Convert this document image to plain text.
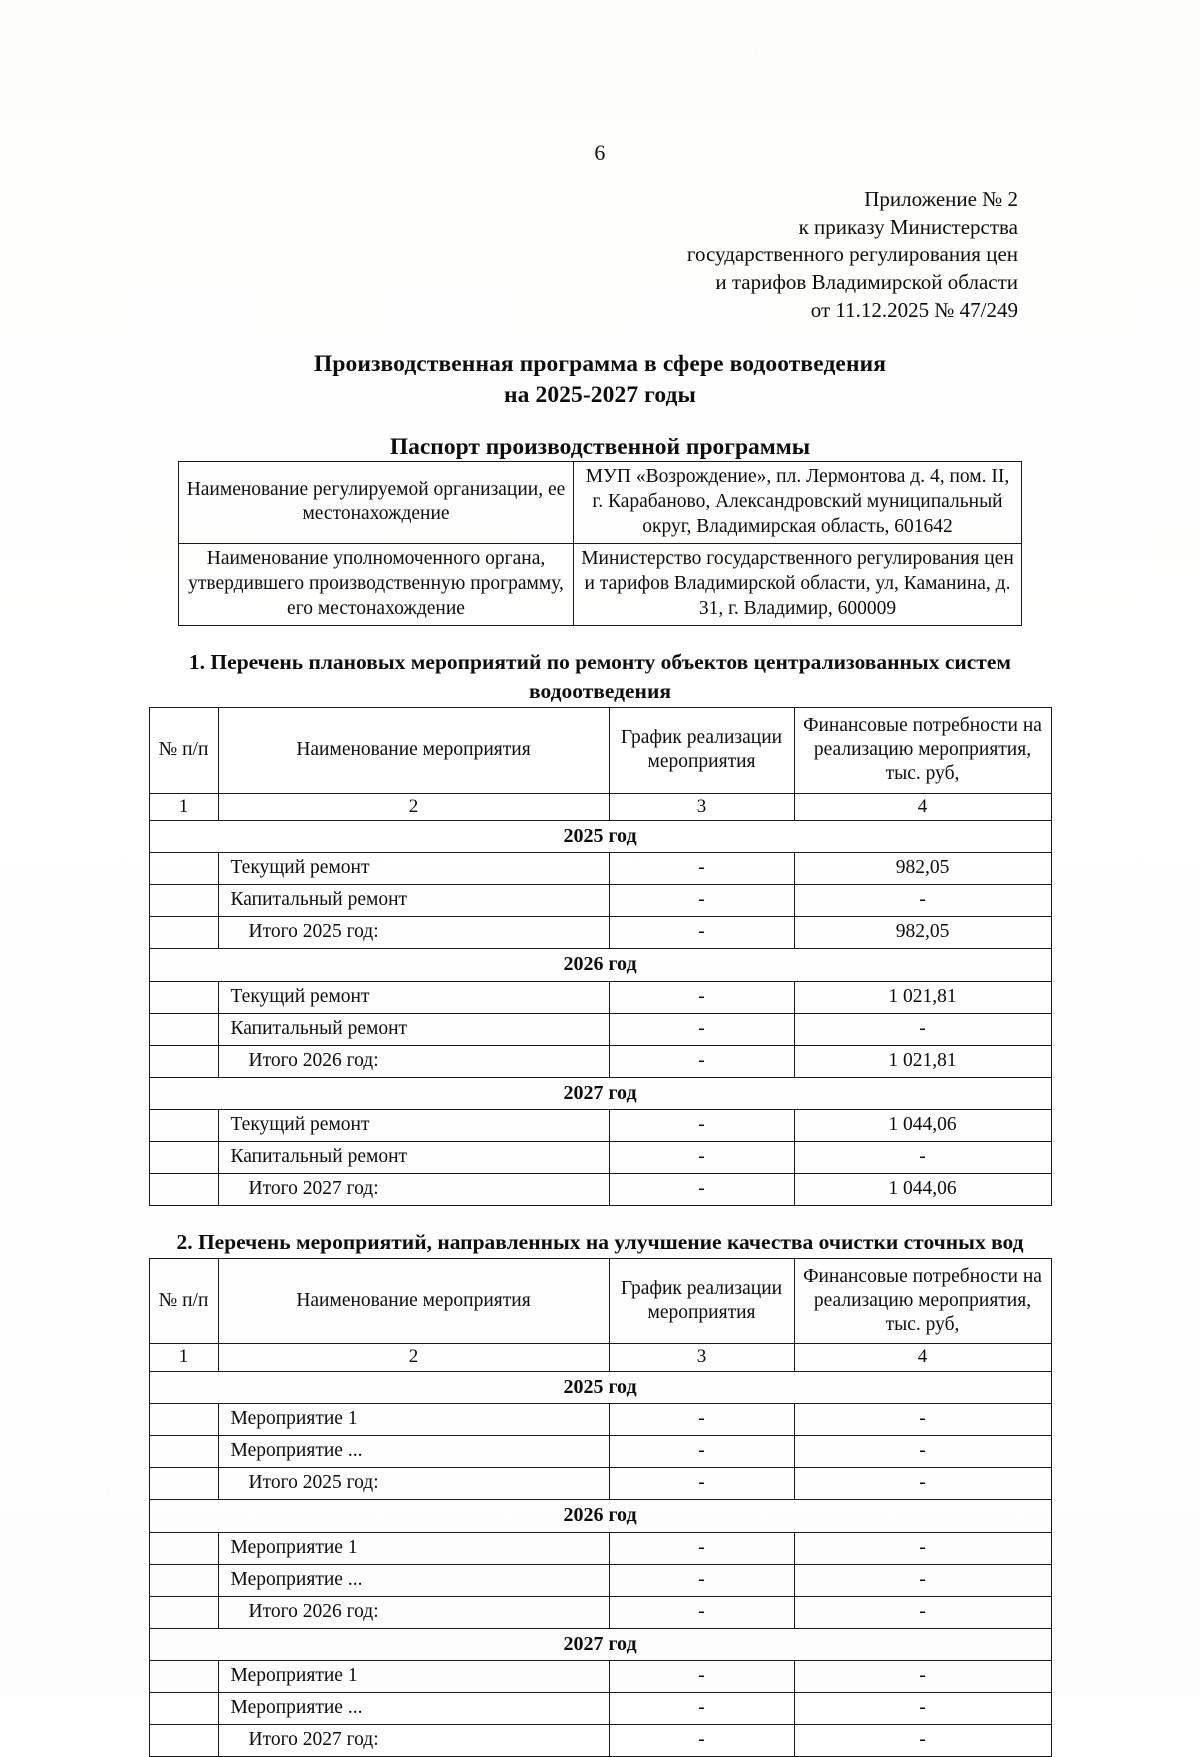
6
Приложение № 2
к приказу Министерства
государственного регулирования цен
и тарифов Владимирской области
от 11.12.2025 № 47/249
Производственная программа в сфере водоотведения
на 2025-2027 годы
Паспорт производственной программы
Наименование регулируемой организации, ее местонахождение	МУП «Возрождение», пл. Лермонтова д. 4, пом. II, г. Карабаново, Александровский муниципальный округ, Владимирская область, 601642
Наименование уполномоченного органа, утвердившего производственную программу, его местонахождение	Министерство государственного регулирования цен и тарифов Владимирской области, ул, Каманина, д. 31, г. Владимир, 600009
1. Перечень плановых мероприятий по ремонту объектов централизованных систем водоотведения
№ п/п	Наименование мероприятия	График реализации мероприятия	Финансовые потребности на реализацию мероприятия, тыс. руб,
1	2	3	4
2025 год			
	Текущий ремонт	-	982,05
	Капитальный ремонт	-	-
	Итого 2025 год:	-	982,05
2026 год			
	Текущий ремонт	-	1 021,81
	Капитальный ремонт	-	-
	Итого 2026 год:	-	1 021,81
2027 год			
	Текущий ремонт	-	1 044,06
	Капитальный ремонт	-	-
	Итого 2027 год:	-	1 044,06
2. Перечень мероприятий, направленных на улучшение качества очистки сточных вод
№ п/п	Наименование мероприятия	График реализации мероприятия	Финансовые потребности на реализацию мероприятия, тыс. руб,
1	2	3	4
2025 год			
	Мероприятие 1	-	-
	Мероприятие ...	-	-
	Итого 2025 год:	-	-
2026 год			
	Мероприятие 1	-	-
	Мероприятие ...	-	-
	Итого 2026 год:	-	-
2027 год			
	Мероприятие 1	-	-
	Мероприятие ...	-	-
	Итого 2027 год:	-	-
